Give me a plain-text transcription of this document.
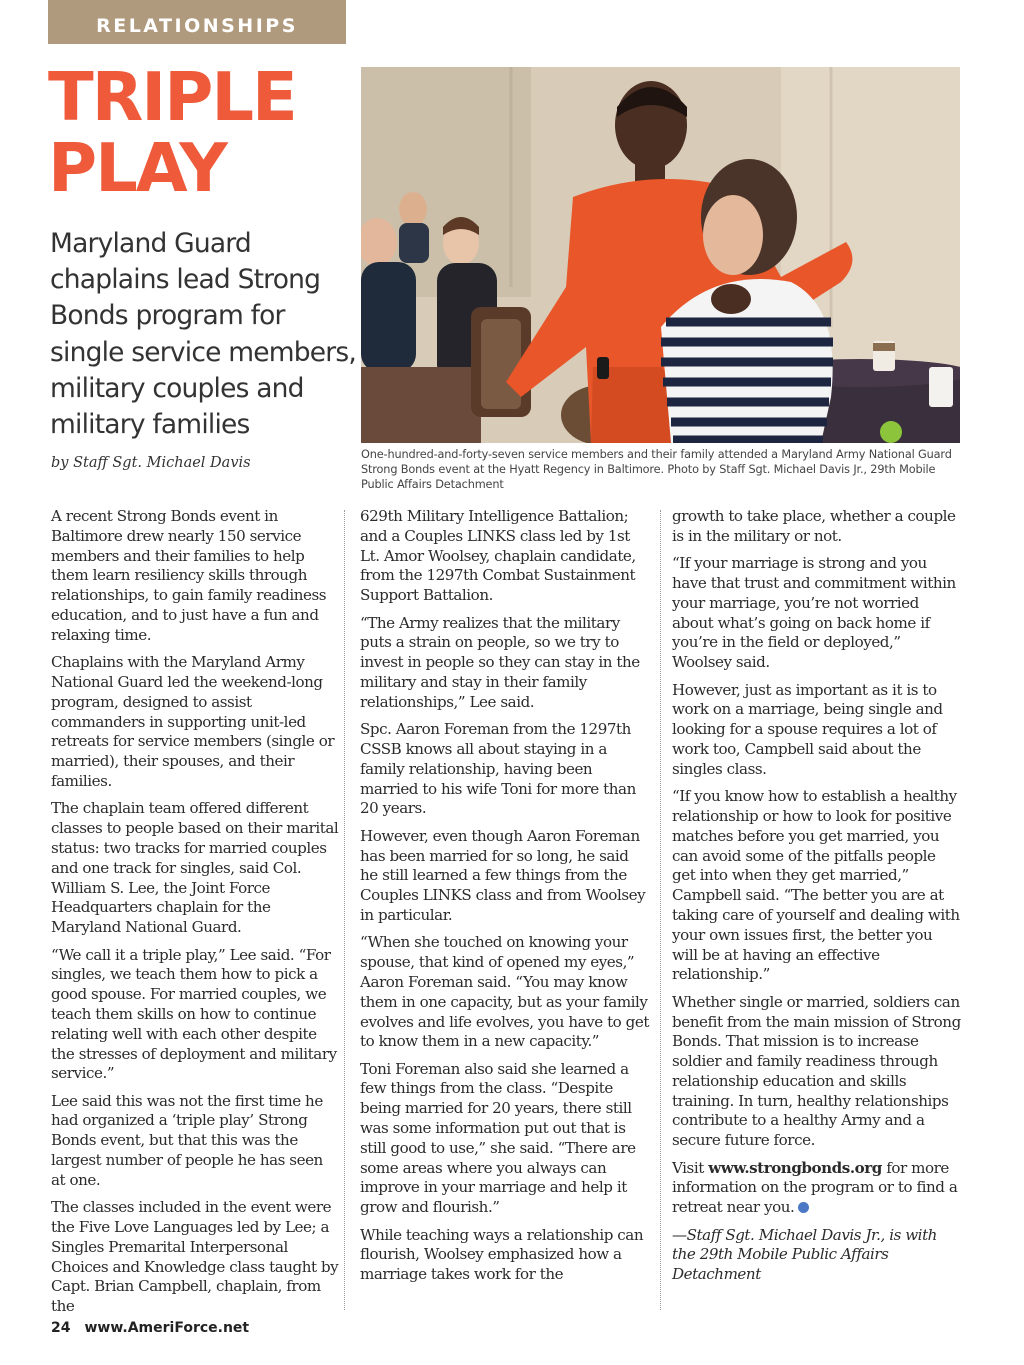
RELATIONSHIPS
TRIPLE
PLAY
Maryland Guard chaplains lead Strong Bonds program for single service members, military couples and military families

by Staff Sgt. Michael Davis

One-hundred-and-forty-seven service members and their family attended a Maryland Army National Guard Strong Bonds event at the Hyatt Regency in Baltimore. Photo by Staff Sgt. Michael Davis Jr., 29th Mobile Public Affairs Detachment

A recent Strong Bonds event in Baltimore drew nearly 150 service members and their families to help them learn resiliency skills through relationships, to gain family readiness education, and to just have a fun and relaxing time.

Chaplains with the Maryland Army National Guard led the weekend-long program, designed to assist commanders in supporting unit-led retreats for service members (single or married), their spouses, and their families.

The chaplain team offered different classes to people based on their marital status: two tracks for married couples and one track for singles, said Col. William S. Lee, the Joint Force Headquarters chaplain for the Maryland National Guard.

“We call it a triple play,” Lee said. “For singles, we teach them how to pick a good spouse. For married couples, we teach them skills on how to continue relating well with each other despite the stresses of deployment and military service.”

Lee said this was not the first time he had organized a ‘triple play’ Strong Bonds event, but that this was the largest number of people he has seen at one.

The classes included in the event were the Five Love Languages led by Lee; a Singles Premarital Interpersonal Choices and Knowledge class taught by Capt. Brian Campbell, chaplain, from the

629th Military Intelligence Battalion; and a Couples LINKS class led by 1st Lt. Amor Woolsey, chaplain candidate, from the 1297th Combat Sustainment Support Battalion.

“The Army realizes that the military puts a strain on people, so we try to invest in people so they can stay in the military and stay in their family relationships,” Lee said.

Spc. Aaron Foreman from the 1297th CSSB knows all about staying in a family relationship, having been married to his wife Toni for more than 20 years.

However, even though Aaron Foreman has been married for so long, he said he still learned a few things from the Couples LINKS class and from Woolsey in particular.

“When she touched on knowing your spouse, that kind of opened my eyes,” Aaron Foreman said. “You may know them in one capacity, but as your family evolves and life evolves, you have to get to know them in a new capacity.”

Toni Foreman also said she learned a few things from the class. “Despite being married for 20 years, there still was some information put out that is still good to use,” she said. “There are some areas where you always can improve in your marriage and help it grow and flourish.”

While teaching ways a relationship can flourish, Woolsey emphasized how a marriage takes work for the

growth to take place, whether a couple is in the military or not.

“If your marriage is strong and you have that trust and commitment within your marriage, you’re not worried about what’s going on back home if you’re in the field or deployed,” Woolsey said.

However, just as important as it is to work on a marriage, being single and looking for a spouse requires a lot of work too, Campbell said about the singles class.

“If you know how to establish a healthy relationship or how to look for positive matches before you get married, you can avoid some of the pitfalls people get into when they get married,” Campbell said. “The better you are at taking care of yourself and dealing with your own issues first, the better you will be at having an effective relationship.”

Whether single or married, soldiers can benefit from the main mission of Strong Bonds. That mission is to increase soldier and family readiness through relationship education and skills training. In turn, healthy relationships contribute to a healthy Army and a secure future force.

Visit www.strongbonds.org for more information on the program or to find a retreat near you.

—Staff Sgt. Michael Davis Jr., is with the 29th Mobile Public Affairs Detachment

24 www.AmeriForce.net
